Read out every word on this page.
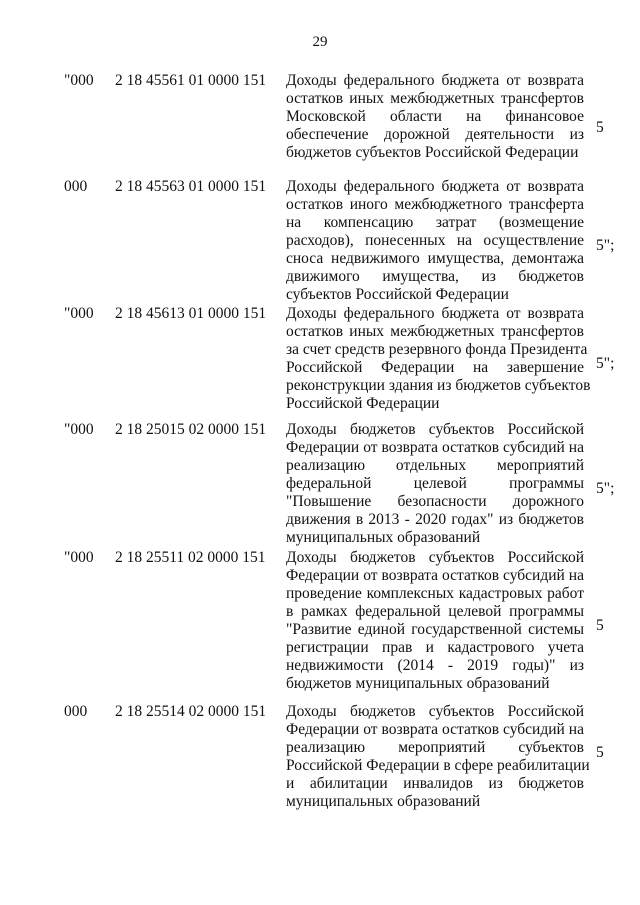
29
"000 2 18 45561 01 0000 151 Доходы федерального бюджета от возврата
остатков иных межбюджетных трансфертов
Московской области на финансовое
обеспечение дорожной деятельности из
бюджетов субъектов Российской Федерации
5
000 2 18 45563 01 0000 151 Доходы федерального бюджета от возврата
остатков иного межбюджетного трансферта
на компенсацию затрат (возмещение
расходов), понесенных на осуществление
сноса недвижимого имущества, демонтажа
движимого имущества, из бюджетов
субъектов Российской Федерации
5";
"000 2 18 45613 01 0000 151 Доходы федерального бюджета от возврата
остатков иных межбюджетных трансфертов
за счет средств резервного фонда Президента
Российской Федерации на завершение
реконструкции здания из бюджетов субъектов
Российской Федерации
5";
"000 2 18 25015 02 0000 151 Доходы бюджетов субъектов Российской
Федерации от возврата остатков субсидий на
реализацию отдельных мероприятий
федеральной целевой программы
"Повышение безопасности дорожного
движения в 2013 - 2020 годах" из бюджетов
муниципальных образований
5";
"000 2 18 25511 02 0000 151 Доходы бюджетов субъектов Российской
Федерации от возврата остатков субсидий на
проведение комплексных кадастровых работ
в рамках федеральной целевой программы
"Развитие единой государственной системы
регистрации прав и кадастрового учета
недвижимости (2014 - 2019 годы)" из
бюджетов муниципальных образований
5
000 2 18 25514 02 0000 151 Доходы бюджетов субъектов Российской
Федерации от возврата остатков субсидий на
реализацию мероприятий субъектов
Российской Федерации в сфере реабилитации
и абилитации инвалидов из бюджетов
муниципальных образований
5
